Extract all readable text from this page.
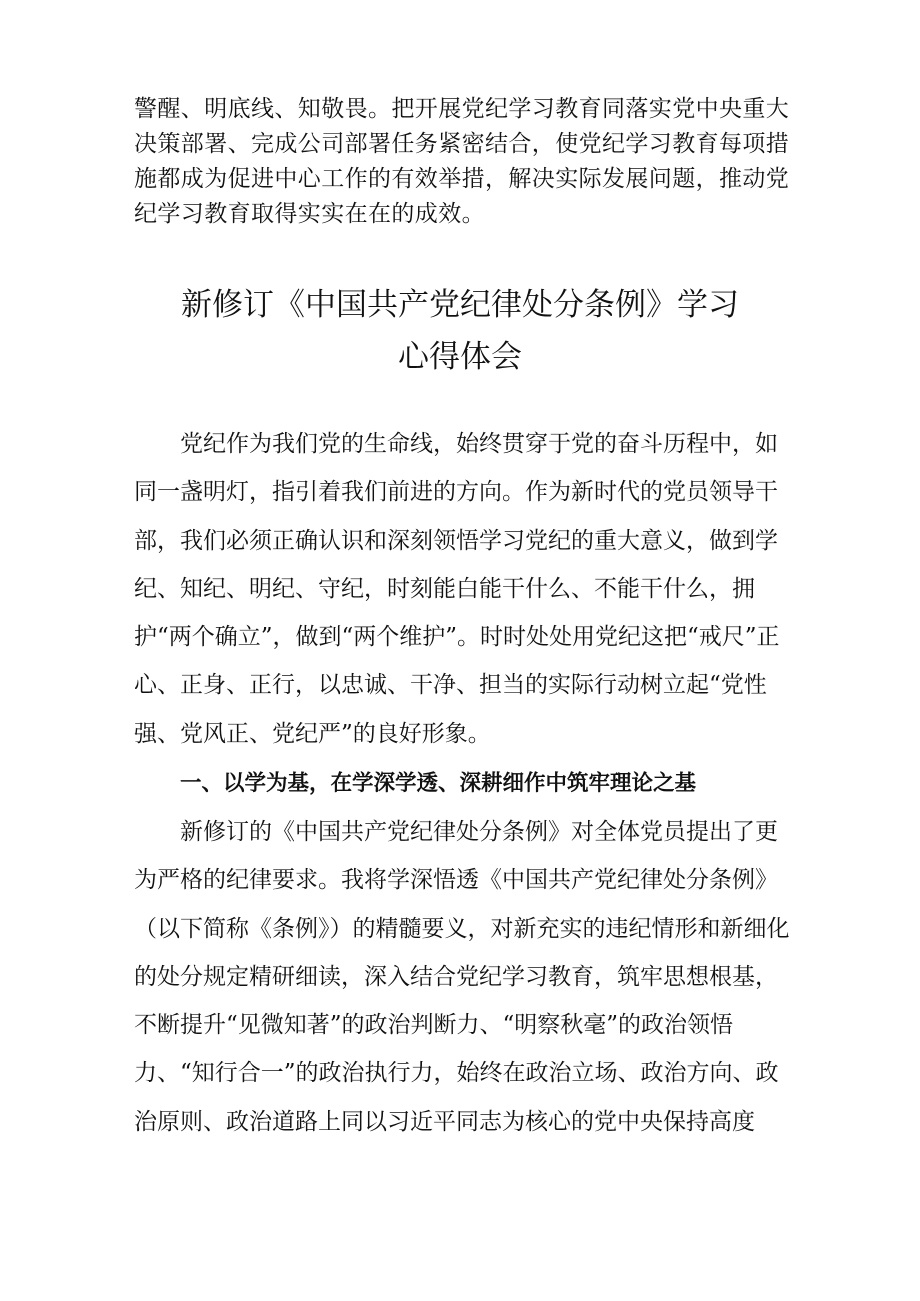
警醒、明底线、知敬畏。把开展党纪学习教育同落实党中央重大决策部署、完成公司部署任务紧密结合，使党纪学习教育每项措施都成为促进中心工作的有效举措，解决实际发展问题，推动党纪学习教育取得实实在在的成效。

新修订《中国共产党纪律处分条例》学习
心得体会

党纪作为我们党的生命线，始终贯穿于党的奋斗历程中，如同一盏明灯，指引着我们前进的方向。作为新时代的党员领导干部，我们必须正确认识和深刻领悟学习党纪的重大意义，做到学纪、知纪、明纪、守纪，时刻能白能干什么、不能干什么，拥护“两个确立”，做到“两个维护”。时时处处用党纪这把“戒尺”正心、正身、正行，以忠诚、干净、担当的实际行动树立起“党性强、党风正、党纪严”的良好形象。

一、以学为基，在学深学透、深耕细作中筑牢理论之基

新修订的《中国共产党纪律处分条例》对全体党员提出了更为严格的纪律要求。我将学深悟透《中国共产党纪律处分条例》（以下简称《条例》）的精髓要义，对新充实的违纪情形和新细化的处分规定精研细读，深入结合党纪学习教育，筑牢思想根基，不断提升“见微知著”的政治判断力、“明察秋毫”的政治领悟力、“知行合一”的政治执行力，始终在政治立场、政治方向、政治原则、政治道路上同以习近平同志为核心的党中央保持高度
